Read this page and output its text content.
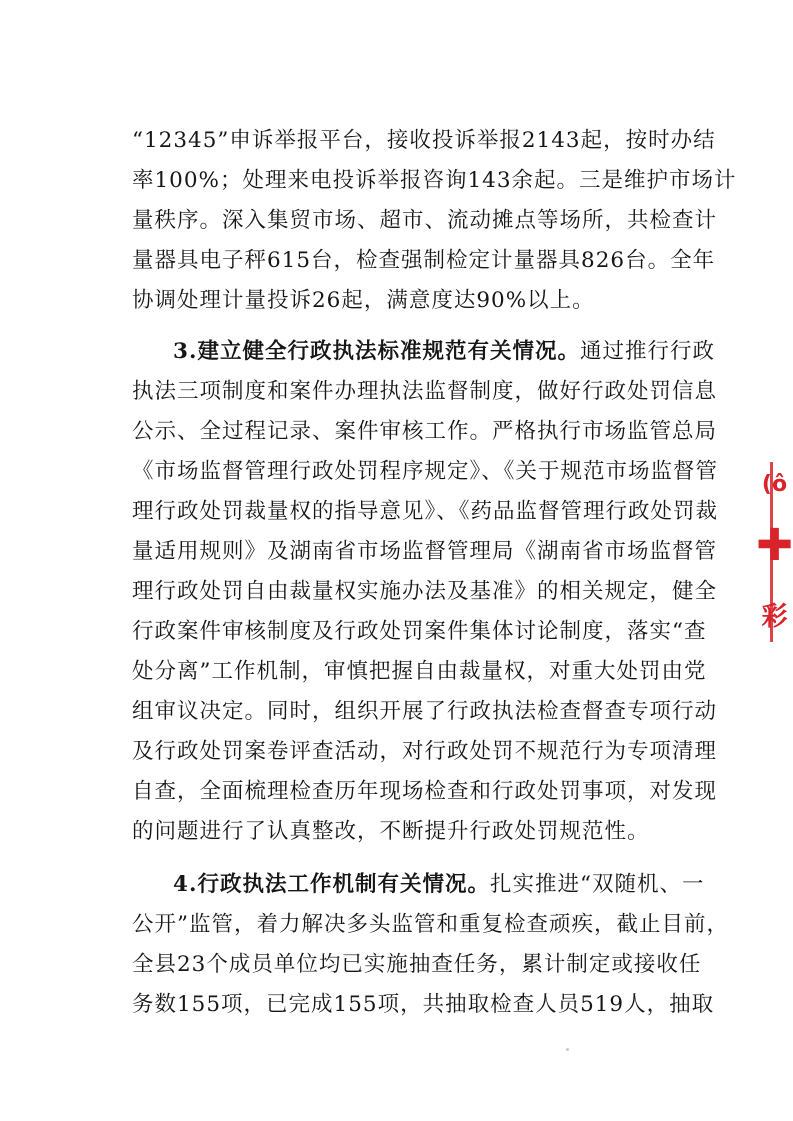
“12345”申诉举报平台，接收投诉举报2143起，按时办结
率100%；处理来电投诉举报咨询143余起。三是维护市场计
量秩序。深入集贸市场、超市、流动摊点等场所，共检查计
量器具电子秤615台，检查强制检定计量器具826台。全年
协调处理计量投诉26起，满意度达90%以上。
3.建立健全行政执法标准规范有关情况。通过推行行政
执法三项制度和案件办理执法监督制度，做好行政处罚信息
公示、全过程记录、案件审核工作。严格执行市场监管总局
《市场监督管理行政处罚程序规定》、《关于规范市场监督管
理行政处罚裁量权的指导意见》、《药品监督管理行政处罚裁
量适用规则》及湖南省市场监督管理局《湖南省市场监督管
理行政处罚自由裁量权实施办法及基准》的相关规定，健全
行政案件审核制度及行政处罚案件集体讨论制度，落实“查
处分离”工作机制，审慎把握自由裁量权，对重大处罚由党
组审议决定。同时，组织开展了行政执法检查督查专项行动
及行政处罚案卷评查活动，对行政处罚不规范行为专项清理
自查，全面梳理检查历年现场检查和行政处罚事项，对发现
的问题进行了认真整改，不断提升行政处罚规范性。
4.行政执法工作机制有关情况。扎实推进“双随机、一
公开”监管，着力解决多头监管和重复检查顽疾，截止目前，
全县23个成员单位均已实施抽查任务，累计制定或接收任
务数155项，已完成155项，共抽取检查人员519人，抽取
(ô
✚
彩
